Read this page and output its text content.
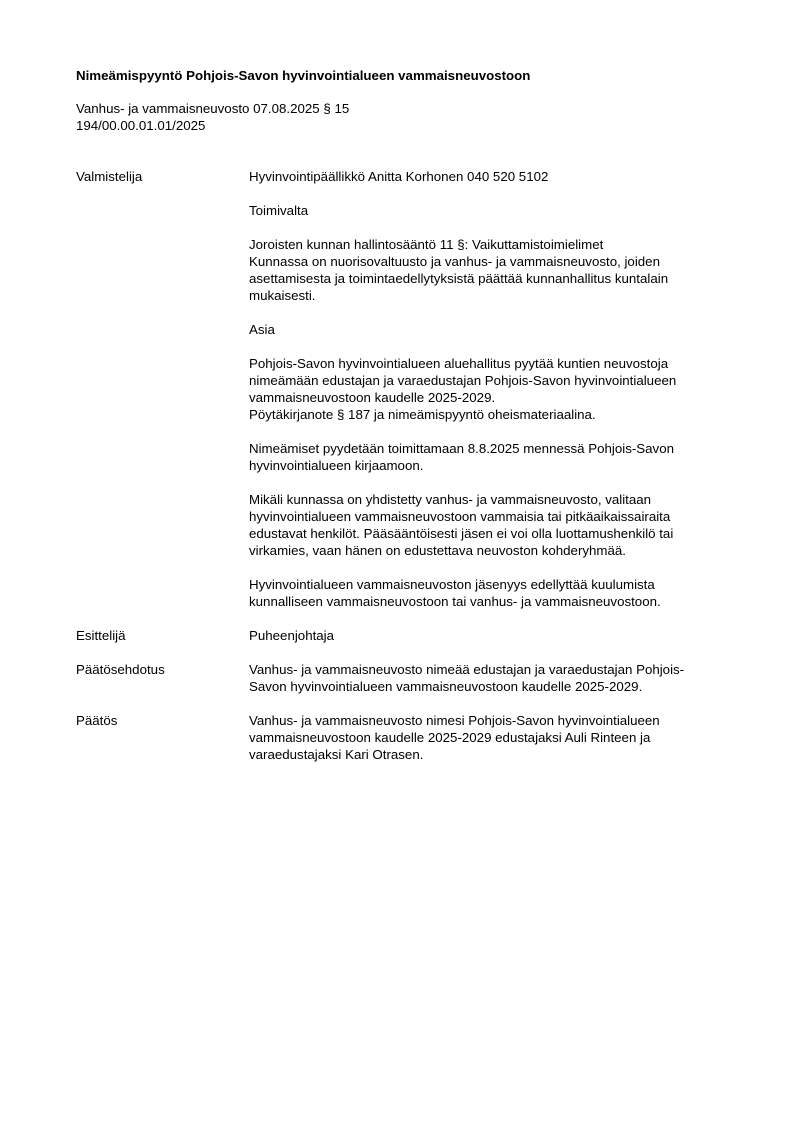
Nimeämispyyntö Pohjois-Savon hyvinvointialueen vammaisneuvostoon
Vanhus- ja vammaisneuvosto 07.08.2025 § 15
194/00.00.01.01/2025
Valmistelija	Hyvinvointipäällikkö Anitta Korhonen 040 520 5102
Toimivalta
Joroisten kunnan hallintosääntö 11 §: Vaikuttamistoimielimet
Kunnassa on nuorisovaltuusto ja vanhus- ja vammaisneuvosto, joiden
asettamisesta ja toimintaedellytyksistä päättää kunnanhallitus kuntalain
mukaisesti.
Asia
Pohjois-Savon hyvinvointialueen aluehallitus pyytää kuntien neuvostoja
nimeämään edustajan ja varaedustajan Pohjois-Savon hyvinvointialueen
vammaisneuvostoon kaudelle 2025-2029.
Pöytäkirjanote § 187 ja nimeämispyyntö oheismateriaalina.
Nimeämiset pyydetään toimittamaan 8.8.2025 mennessä Pohjois-Savon
hyvinvointialueen kirjaamoon.
Mikäli kunnassa on yhdistetty vanhus- ja vammaisneuvosto, valitaan
hyvinvointialueen vammaisneuvostoon vammaisia tai pitkäaikaissairaita
edustavat henkilöt. Pääsääntöisesti jäsen ei voi olla luottamushenkilö tai
virkamies, vaan hänen on edustettava neuvoston kohderyhmää.
Hyvinvointialueen vammaisneuvoston jäsenyys edellyttää kuulumista
kunnalliseen vammaisneuvostoon tai vanhus- ja vammaisneuvostoon.
Esittelijä	Puheenjohtaja
Päätösehdotus	Vanhus- ja vammaisneuvosto nimeää edustajan ja varaedustajan Pohjois-
Savon hyvinvointialueen vammaisneuvostoon kaudelle 2025-2029.
Päätös	Vanhus- ja vammaisneuvosto nimesi Pohjois-Savon hyvinvointialueen
vammaisneuvostoon kaudelle 2025-2029 edustajaksi Auli Rinteen ja
varaedustajaksi Kari Otrasen.
